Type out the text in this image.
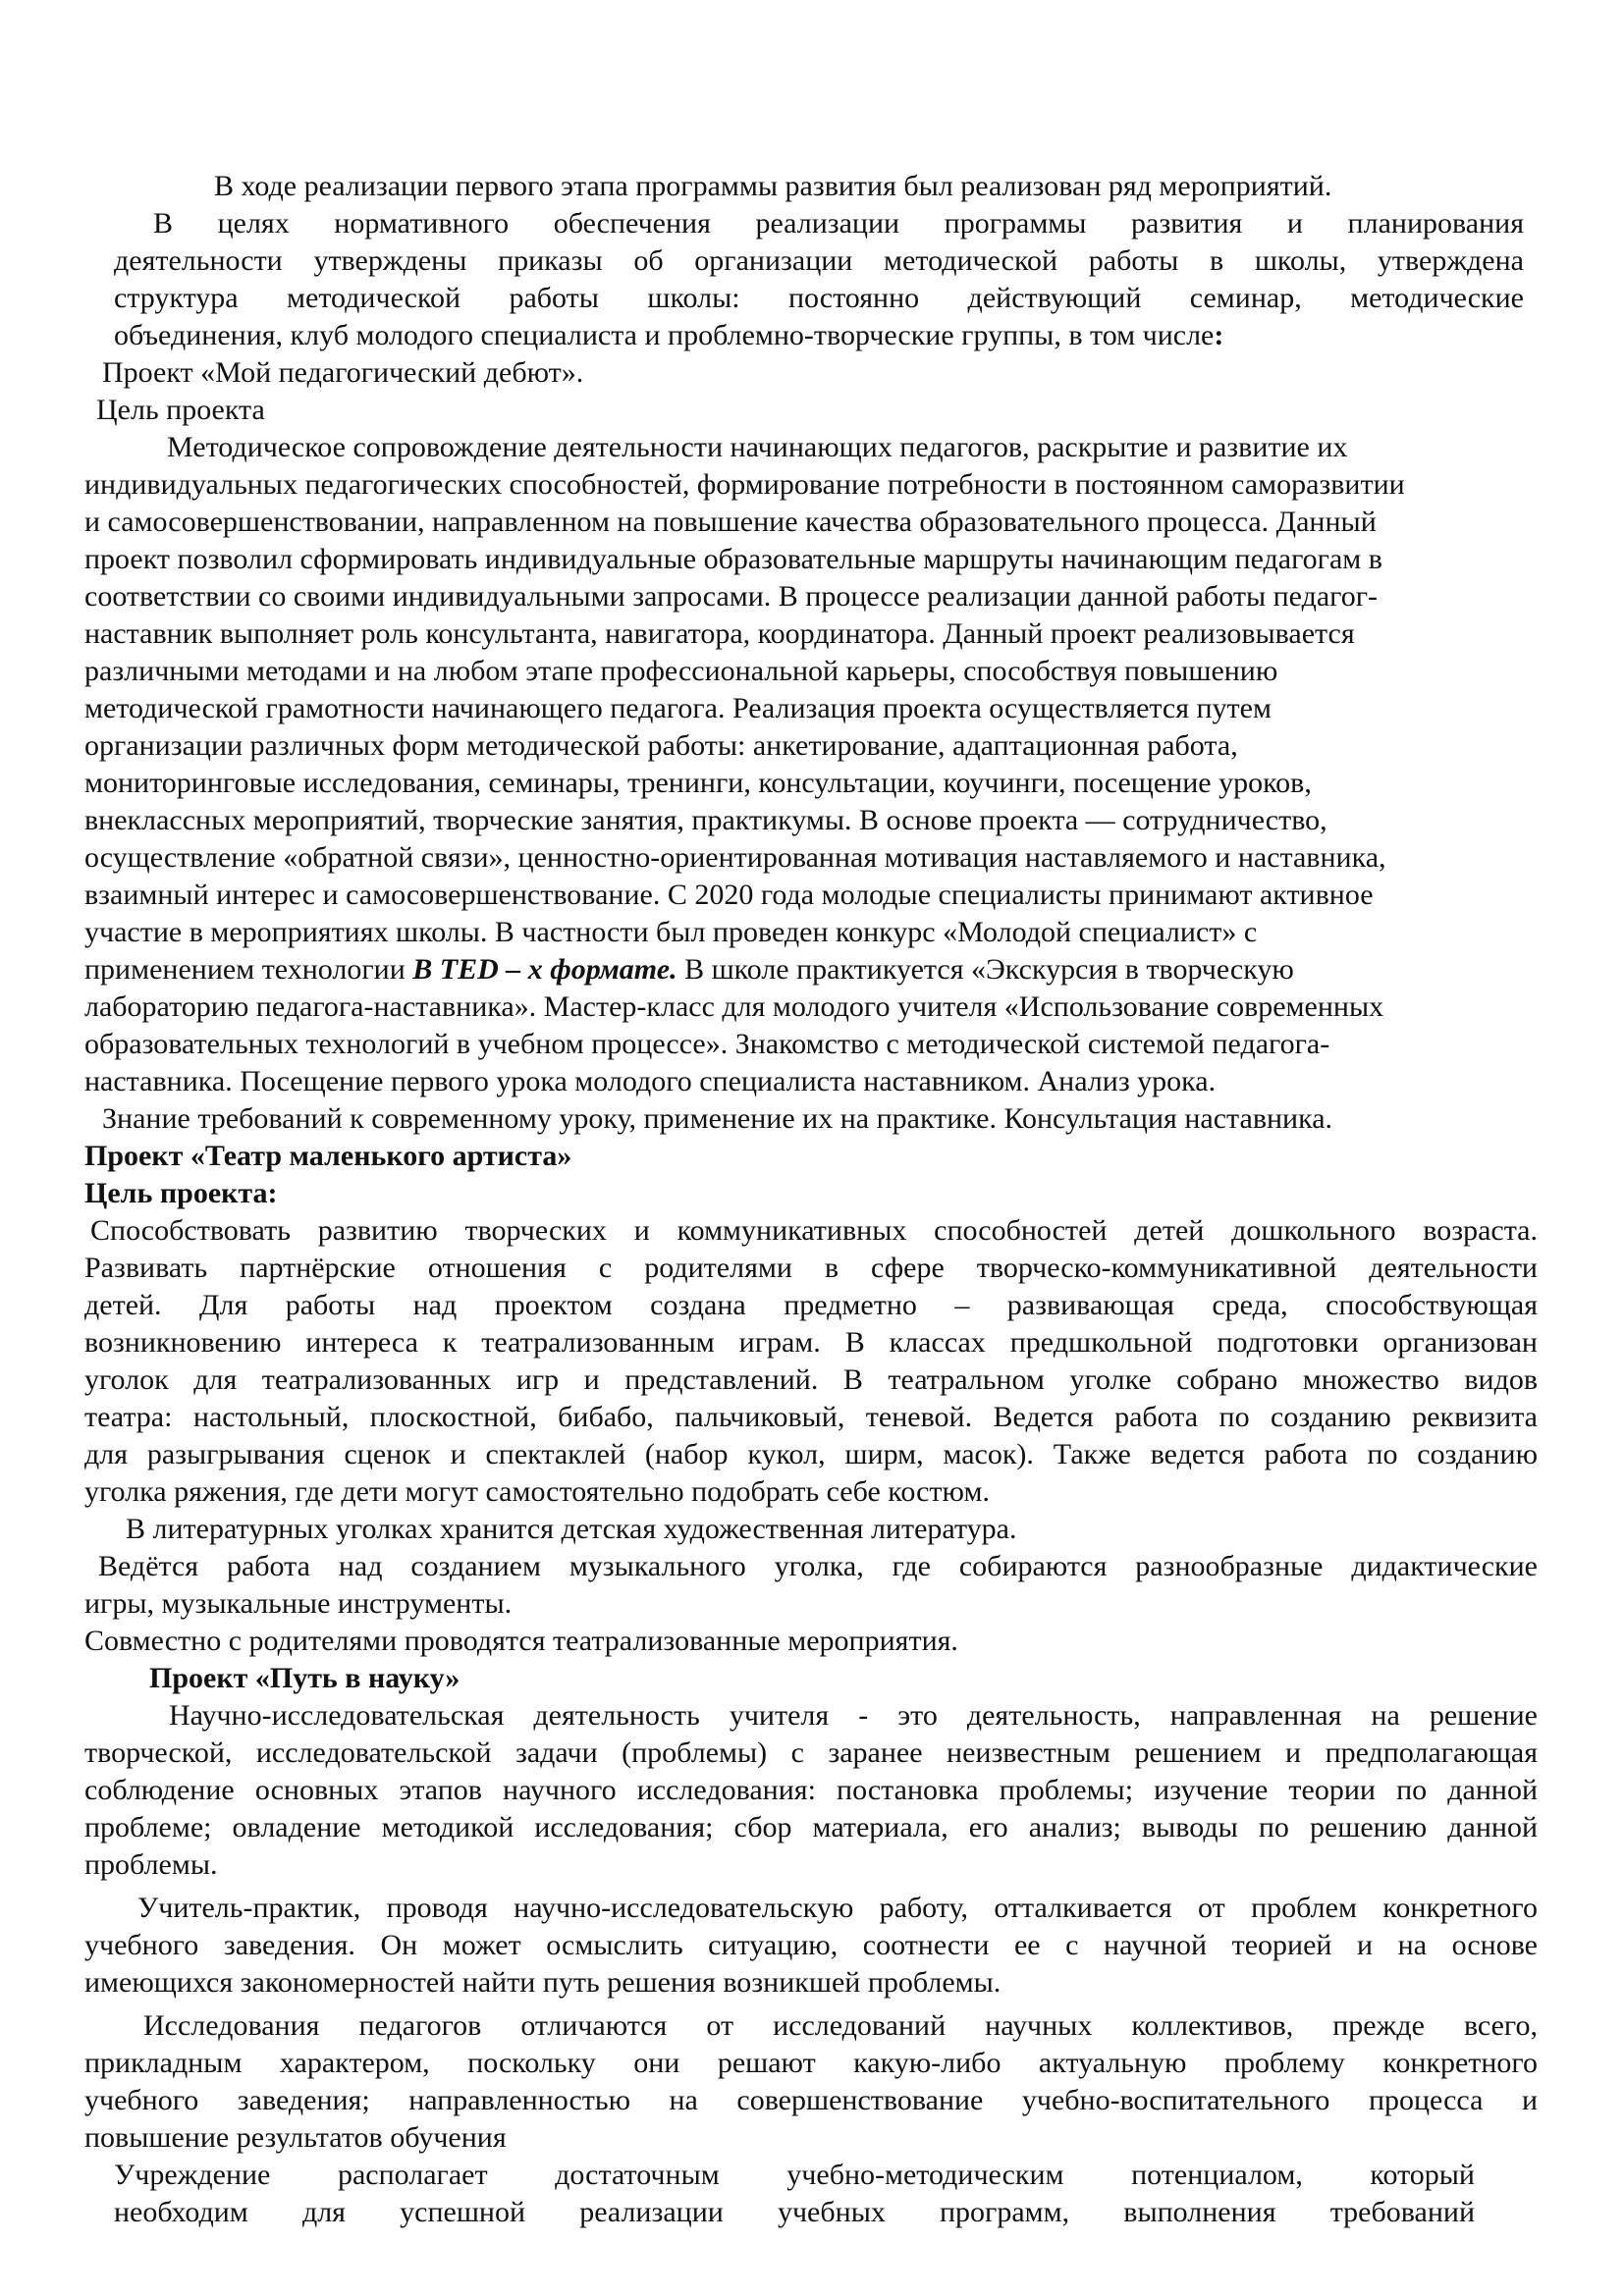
В ходе реализации первого этапа программы развития был реализован ряд мероприятий.
В целях нормативного обеспечения реализации программы развития и планирования
деятельности утверждены приказы об организации методической работы в школы, утверждена
структура методической работы школы: постоянно действующий семинар, методические
объединения, клуб молодого специалиста и проблемно-творческие группы, в том числе:
Проект «Мой педагогический дебют».
Цель проекта
Методическое сопровождение деятельности начинающих педагогов, раскрытие и развитие их
индивидуальных педагогических способностей, формирование потребности в постоянном саморазвитии
и самосовершенствовании, направленном на повышение качества образовательного процесса. Данный
проект позволил сформировать индивидуальные образовательные маршруты начинающим педагогам в
соответствии со своими индивидуальными запросами. В процессе реализации данной работы педагог-
наставник выполняет роль консультанта, навигатора, координатора. Данный проект реализовывается
различными методами и на любом этапе профессиональной карьеры, способствуя повышению
методической грамотности начинающего педагога. Реализация проекта осуществляется путем
организации различных форм методической работы: анкетирование, адаптационная работа,
мониторинговые исследования, семинары, тренинги, консультации, коучинги, посещение уроков,
внеклассных мероприятий, творческие занятия, практикумы. В основе проекта — сотрудничество,
осуществление «обратной связи», ценностно-ориентированная мотивация наставляемого и наставника,
взаимный интерес и самосовершенствование. С 2020 года молодые специалисты принимают активное
участие в мероприятиях школы. В частности был проведен конкурс «Молодой специалист» с
применением технологии В TED – х формате. В школе практикуется «Экскурсия в творческую
лабораторию педагога-наставника». Мастер-класс для молодого учителя «Использование современных
образовательных технологий в учебном процессе». Знакомство с методической системой педагога-
наставника. Посещение первого урока молодого специалиста наставником. Анализ урока.
Знание требований к современному уроку, применение их на практике. Консультация наставника.
Проект «Театр маленького артиста»
Цель проекта:
Способствовать развитию творческих и коммуникативных способностей детей дошкольного возраста.
Развивать партнёрские отношения с родителями в сфере творческо-коммуникативной деятельности
детей. Для работы над проектом создана предметно – развивающая среда, способствующая
возникновению интереса к театрализованным играм. В классах предшкольной подготовки организован
уголок для театрализованных игр и представлений. В театральном уголке собрано множество видов
театра: настольный, плоскостной, бибабо, пальчиковый, теневой. Ведется работа по созданию реквизита
для разыгрывания сценок и спектаклей (набор кукол, ширм, масок). Также ведется работа по созданию
уголка ряжения, где дети могут самостоятельно подобрать себе костюм.
В литературных уголках хранится детская художественная литература.
Ведётся работа над созданием музыкального уголка, где собираются разнообразные дидактические
игры, музыкальные инструменты.
Совместно с родителями проводятся театрализованные мероприятия.
Проект «Путь в науку»
Научно-исследовательская деятельность учителя - это деятельность, направленная на решение
творческой, исследовательской задачи (проблемы) с заранее неизвестным решением и предполагающая
соблюдение основных этапов научного исследования: постановка проблемы; изучение теории по данной
проблеме; овладение методикой исследования; сбор материала, его анализ; выводы по решению данной
проблемы.
Учитель-практик, проводя научно-исследовательскую работу, отталкивается от проблем конкретного
учебного заведения. Он может осмыслить ситуацию, соотнести ее с научной теорией и на основе
имеющихся закономерностей найти путь решения возникшей проблемы.
Исследования педагогов отличаются от исследований научных коллективов, прежде всего,
прикладным характером, поскольку они решают какую-либо актуальную проблему конкретного
учебного заведения; направленностью на совершенствование учебно-воспитательного процесса и
повышение результатов обучения
Учреждение располагает достаточным учебно-методическим потенциалом, который
необходим для успешной реализации учебных программ, выполнения требований
